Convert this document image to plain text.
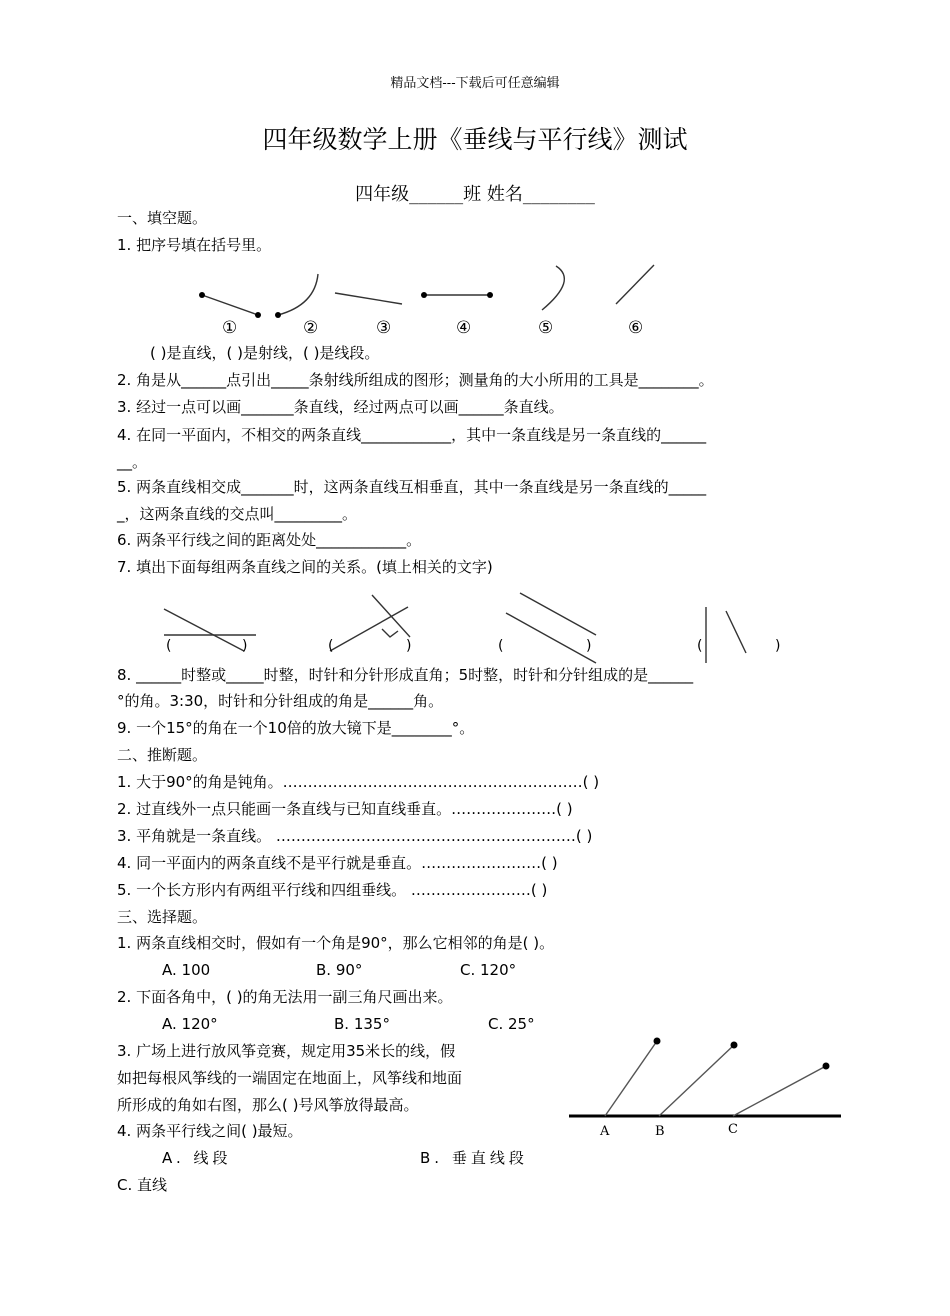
精品文档---下载后可任意编辑
四年级数学上册《垂线与平行线》测试
四年级______班 姓名________
一、填空题。
1. 把序号填在括号里。
①	②	③	④	⑤	⑥
( )是直线，( )是射线，( )是线段。
2. 角是从______点引出_____条射线所组成的图形；测量角的大小所用的工具是________。
3. 经过一点可以画_______条直线，经过两点可以画______条直线。
4. 在同一平面内，不相交的两条直线____________，其中一条直线是另一条直线的______
__。
5. 两条直线相交成_______时，这两条直线互相垂直，其中一条直线是另一条直线的_____
_，这两条直线的交点叫_________。
6. 两条平行线之间的距离处处____________。
7. 填出下面每组两条直线之间的关系。(填上相关的文字)
(	)	(	)	(	)	(	)
8. ______时整或_____时整，时针和分针形成直角；5时整，时针和分针组成的是______
°的角。3:30，时针和分针组成的角是______角。
9. 一个15°的角在一个10倍的放大镜下是________°。
二、推断题。
1. 大于90°的角是钝角。……………………………………………………( )
2. 过直线外一点只能画一条直线与已知直线垂直。…………………( )
3. 平角就是一条直线。 ……………………………………………………( )
4. 同一平面内的两条直线不是平行就是垂直。……………………( )
5. 一个长方形内有两组平行线和四组垂线。 ……………………( )
三、选择题。
1. 两条直线相交时，假如有一个角是90°，那么它相邻的角是( )。
A. 100	B. 90°	C. 120°
2. 下面各角中，( )的角无法用一副三角尺画出来。
A. 120°	B. 135°	C. 25°
3. 广场上进行放风筝竞赛，规定用35米长的线，假
如把每根风筝线的一端固定在地面上，风筝线和地面
所形成的角如右图，那么( )号风筝放得最高。
4. 两条平行线之间( )最短。
A. 线段	B. 垂直线段
C. 直线
A	B	C
